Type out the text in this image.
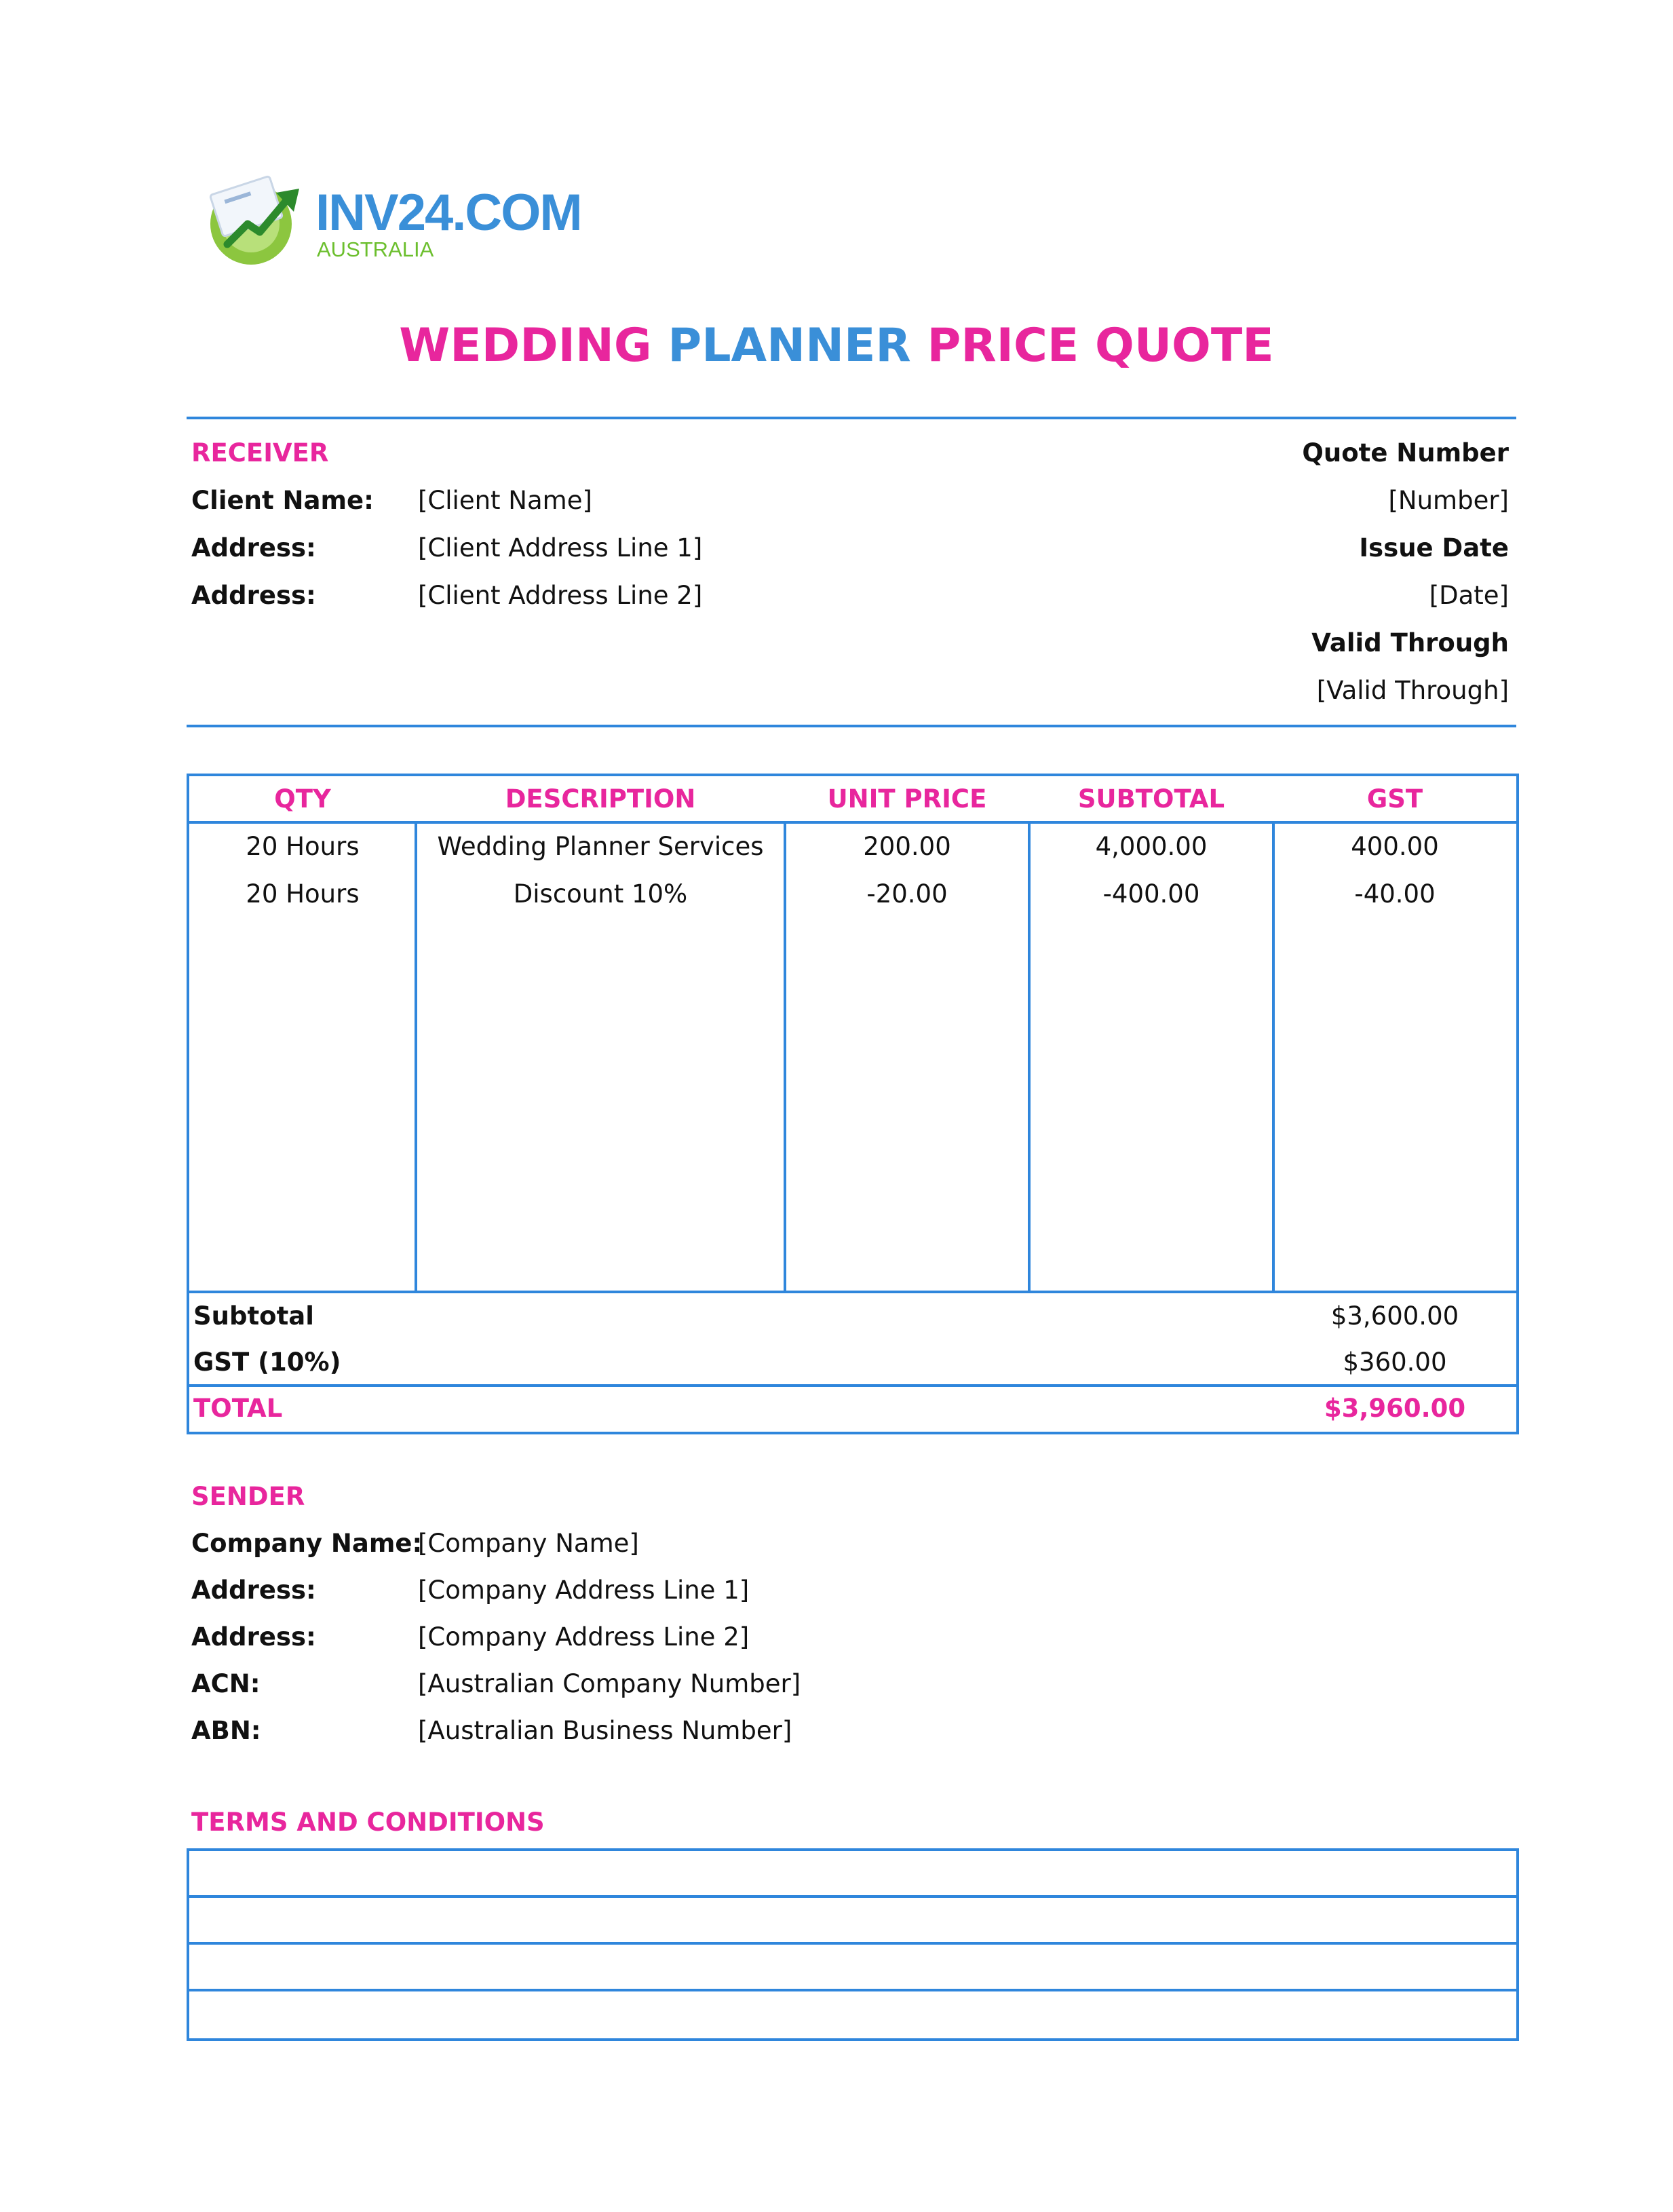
INV24.COM
AUSTRALIA
WEDDING PLANNER PRICE QUOTE
RECEIVER
Client Name: [Client Name]
Address:	[Client Address Line 1]
Address:	[Client Address Line 2]
Quote Number
[Number]
Issue Date
[Date]
Valid Through
[Valid Through]
QTY	DESCRIPTION	UNIT PRICE	SUBTOTAL	GST
20 Hours	Wedding Planner Services	200.00	4,000.00	400.00
20 Hours	Discount 10%	-20.00	-400.00	-40.00
Subtotal	$3,600.00
GST (10%)	$360.00
TOTAL	$3,960.00
SENDER
Company Name:
[Company Name]
Address:	[Company Address Line 1]
Address:	[Company Address Line 2]
ACN:	[Australian Company Number]
ABN:	[Australian Business Number]
TERMS AND CONDITIONS
